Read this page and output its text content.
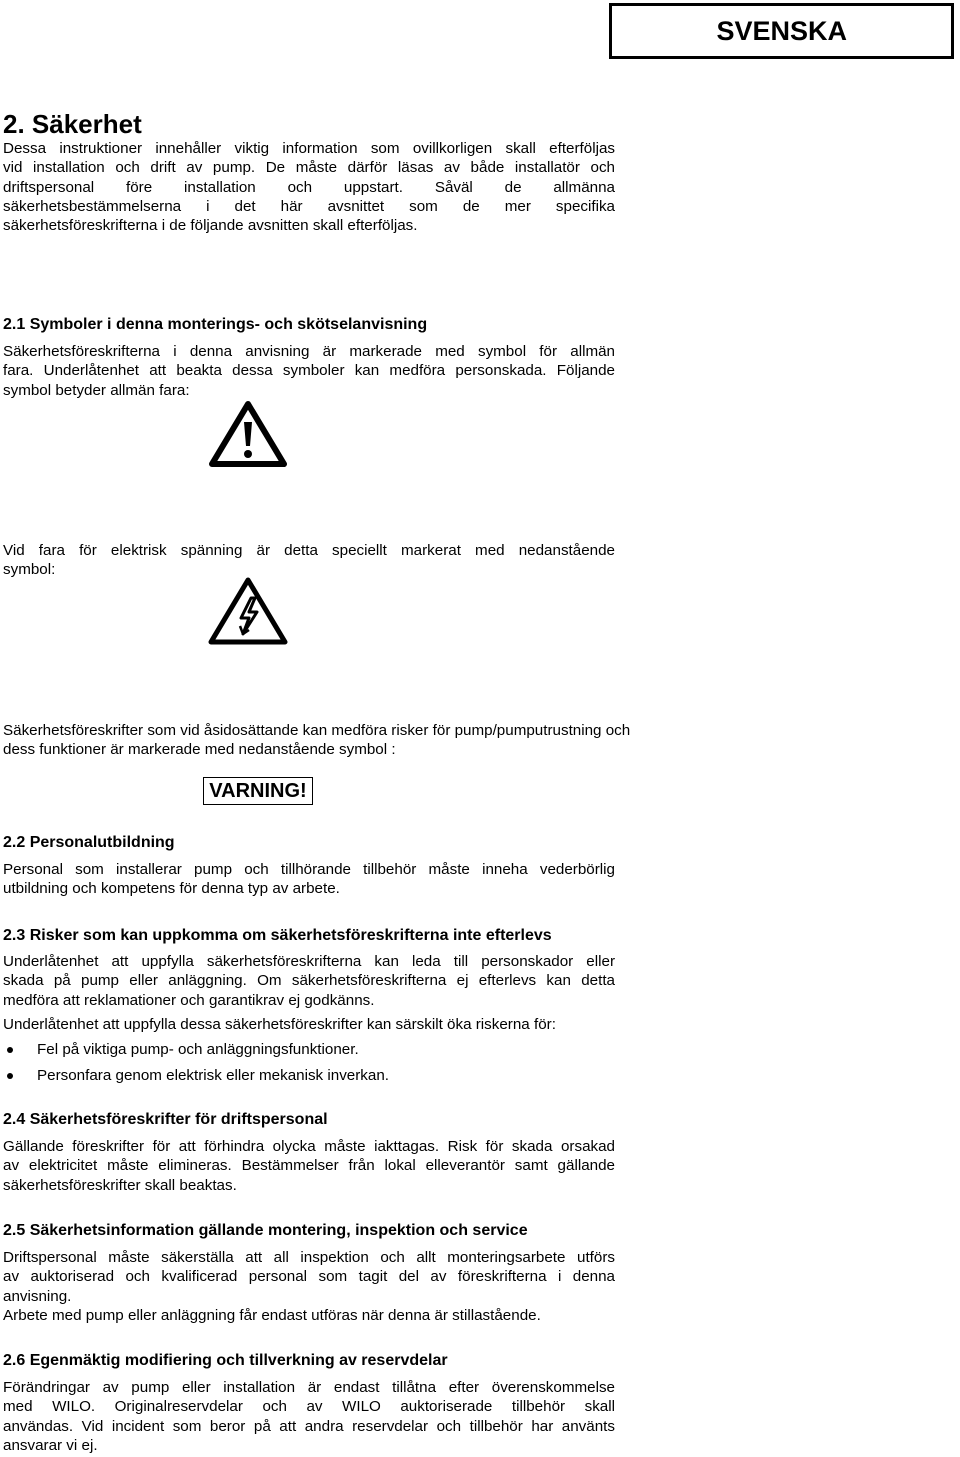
SVENSKA
2. Säkerhet
Dessa instruktioner innehåller viktig information som ovillkorligen skall efterföljas
vid installation och drift av pump. De måste därför läsas av både installatör och
driftspersonal före installation och uppstart. Såväl de allmänna
säkerhetsbestämmelserna i det här avsnittet som de mer specifika
säkerhetsföreskrifterna i de följande avsnitten skall efterföljas.
2.1 Symboler i denna monterings- och skötselanvisning
Säkerhetsföreskrifterna i denna anvisning är markerade med symbol för allmän
fara. Underlåtenhet att beakta dessa symboler kan medföra personskada. Följande
symbol betyder allmän fara:
Vid fara för elektrisk spänning är detta speciellt markerat med nedanstående
symbol:
Säkerhetsföreskrifter som vid åsidosättande kan medföra risker för pump/pumputrustning och
dess funktioner är markerade med nedanstående symbol :
VARNING!
2.2 Personalutbildning
Personal som installerar pump och tillhörande tillbehör måste inneha vederbörlig
utbildning och kompetens för denna typ av arbete.
2.3 Risker som kan uppkomma om säkerhetsföreskrifterna inte efterlevs
Underlåtenhet att uppfylla säkerhetsföreskrifterna kan leda till personskador eller
skada på pump eller anläggning. Om säkerhetsföreskrifterna ej efterlevs kan detta
medföra att reklamationer och garantikrav ej godkänns.
Underlåtenhet att uppfylla dessa säkerhetsföreskrifter kan särskilt öka riskerna för:
Fel på viktiga pump- och anläggningsfunktioner.
Personfara genom elektrisk eller mekanisk inverkan.
2.4 Säkerhetsföreskrifter för driftspersonal
Gällande föreskrifter för att förhindra olycka måste iakttagas. Risk för skada orsakad
av elektricitet måste elimineras. Bestämmelser från lokal elleverantör samt gällande
säkerhetsföreskrifter skall beaktas.
2.5 Säkerhetsinformation gällande montering, inspektion och service
Driftspersonal måste säkerställa att all inspektion och allt monteringsarbete utförs
av auktoriserad och kvalificerad personal som tagit del av föreskrifterna i denna
anvisning.
Arbete med pump eller anläggning får endast utföras när denna är stillastående.
2.6 Egenmäktig modifiering och tillverkning av reservdelar
Förändringar av pump eller installation är endast tillåtna efter överenskommelse
med WILO. Originalreservdelar och av WILO auktoriserade tillbehör skall
användas. Vid incident som beror på att andra reservdelar och tillbehör har använts
ansvarar vi ej.
